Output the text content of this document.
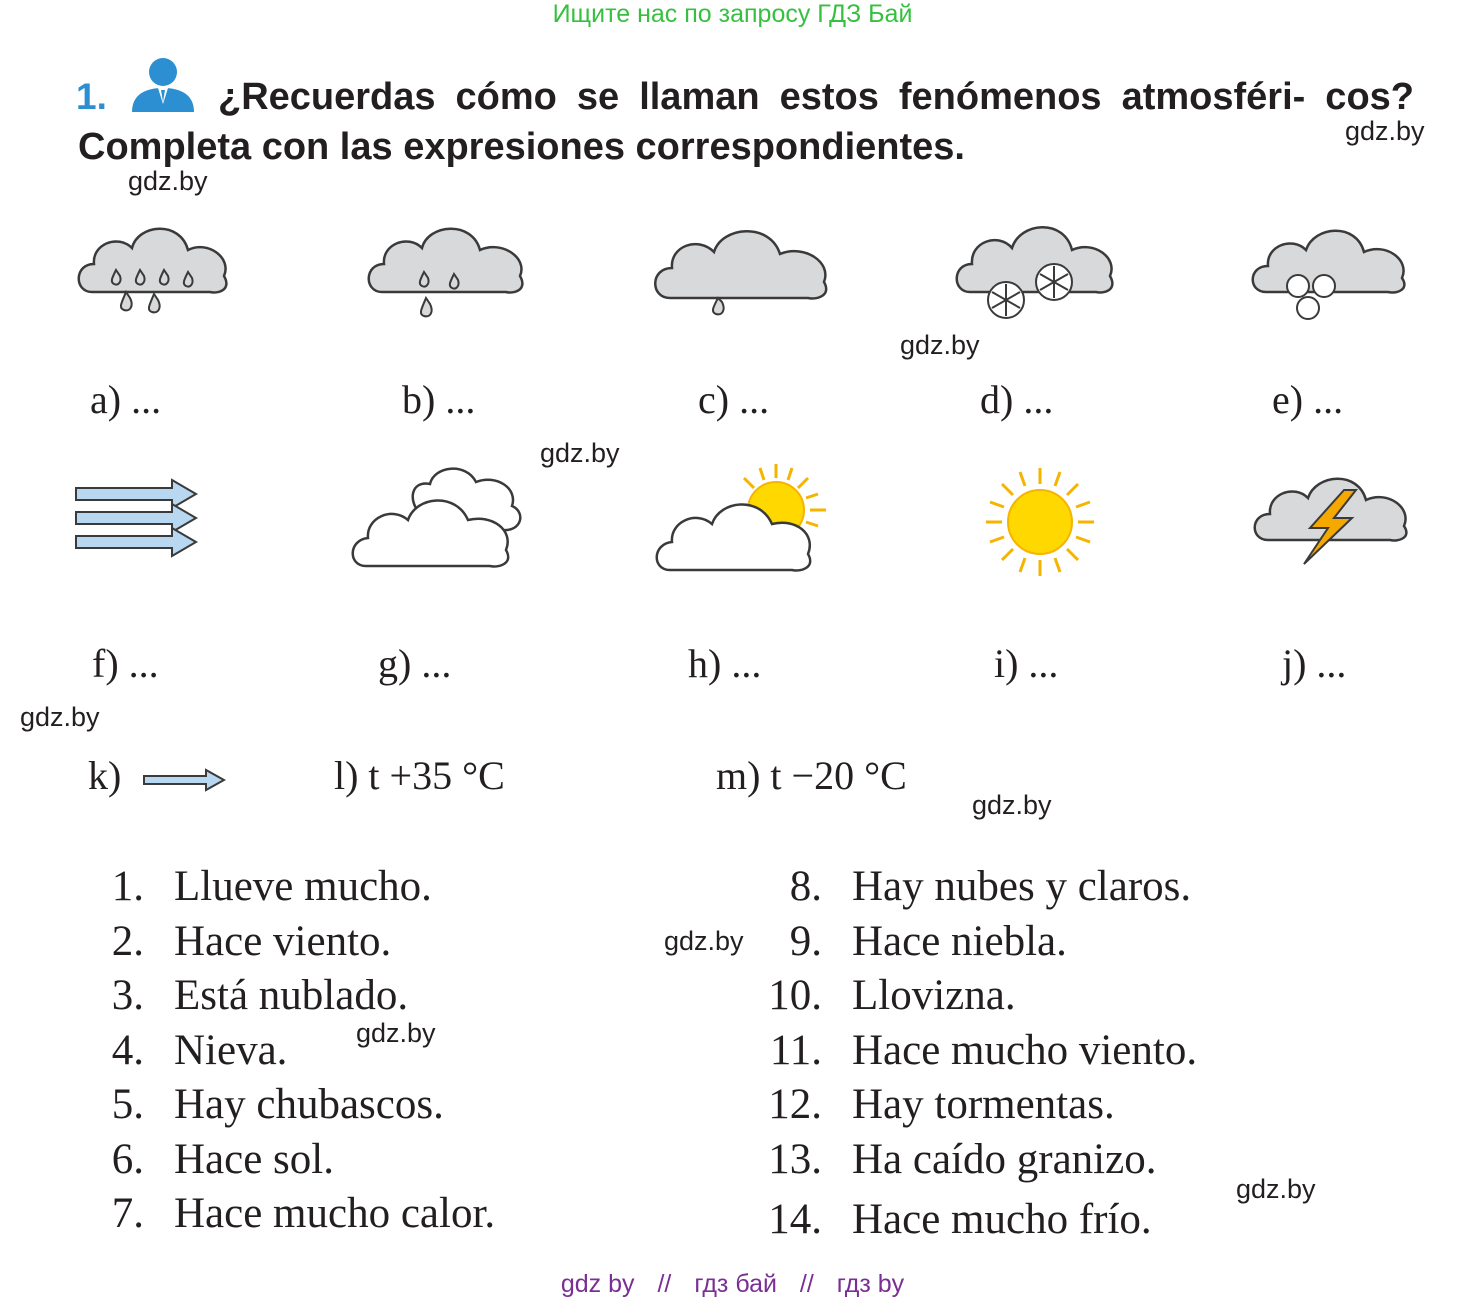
Ищите нас по запросу ГДЗ Бай
1.	¿Recuerdas cómo se llaman estos fenómenos atmosféri- cos? Completa con las expresiones correspondientes.
a) ...	b) ...	c) ...	d) ...	e) ...
f) ...	g) ...	h) ...	i) ...	j) ...
k)	l) t +35 °C	m) t −20 °C
1. Llueve mucho.
2. Hace viento.
3. Está nublado.
4. Nieva.
5. Hay chubascos.
6. Hace sol.
7. Hace mucho calor.
8. Hay nubes y claros.
9. Hace niebla.
10. Llovizna.
11. Hace mucho viento.
12. Hay tormentas.
13. Ha caído granizo.
14. Hace mucho frío.
gdz.by
gdz.by
gdz.by
gdz.by
gdz.by
gdz.by
gdz.by
gdz.by
gdz.by
gdz by // гдз бай // гдз by
